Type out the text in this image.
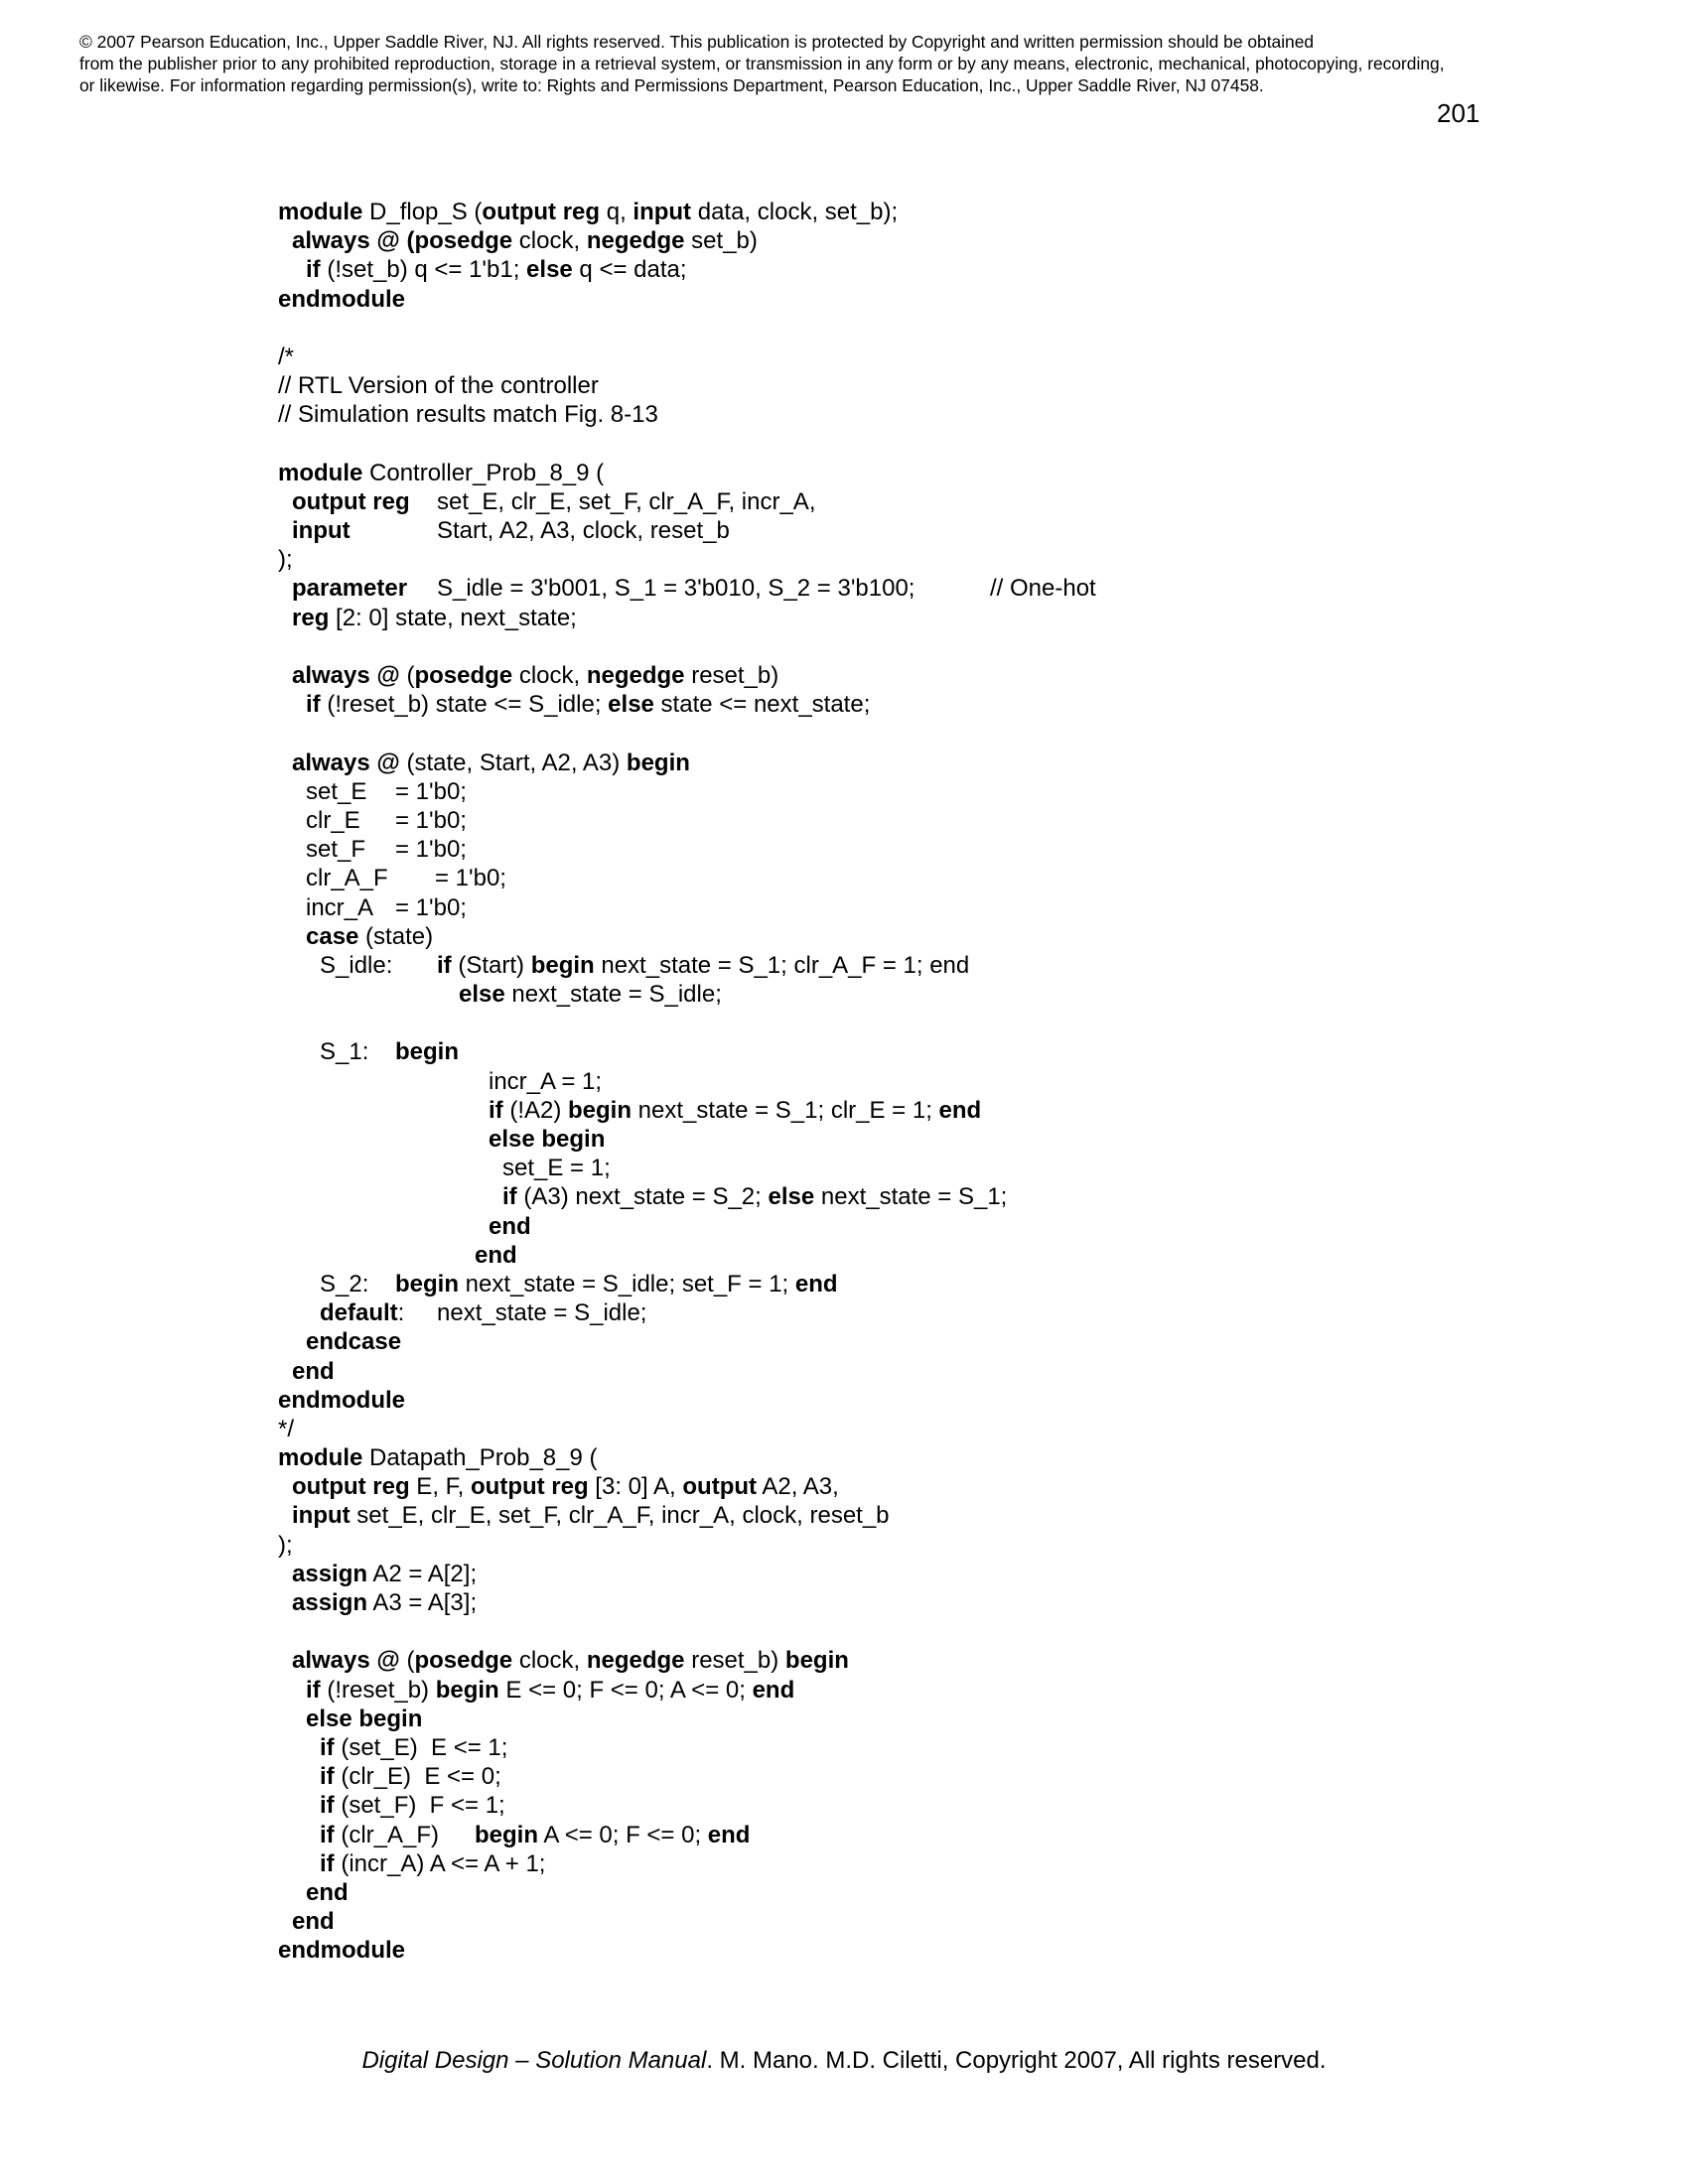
© 2007 Pearson Education, Inc., Upper Saddle River, NJ. All rights reserved. This publication is protected by Copyright and written permission should be obtained
from the publisher prior to any prohibited reproduction, storage in a retrieval system, or transmission in any form or by any means, electronic, mechanical, photocopying, recording,
or likewise. For information regarding permission(s), write to: Rights and Permissions Department, Pearson Education, Inc., Upper Saddle River, NJ 07458.
201
module D_flop_S (output reg q, input data, clock, set_b);
always @ (posedge clock, negedge set_b)
if (!set_b) q <= 1'b1; else q <= data;
endmodule
/*
// RTL Version of the controller
// Simulation results match Fig. 8-13
module Controller_Prob_8_9 (
output reg set_E, clr_E, set_F, clr_A_F, incr_A,
input	Start, A2, A3, clock, reset_b
);
parameter S_idle = 3'b001, S_1 = 3'b010, S_2 = 3'b100;	// One-hot
reg [2: 0] state, next_state;
always @ (posedge clock, negedge reset_b)
if (!reset_b) state <= S_idle; else state <= next_state;
always @ (state, Start, A2, A3) begin
set_E = 1'b0;
clr_E = 1'b0;
set_F = 1'b0;
clr_A_F = 1'b0;
incr_A = 1'b0;
case (state)
S_idle: if (Start) begin next_state = S_1; clr_A_F = 1; end
else next_state = S_idle;
S_1: begin
incr_A = 1;
if (!A2) begin next_state = S_1; clr_E = 1; end
else begin
set_E = 1;
if (A3) next_state = S_2; else next_state = S_1;
end
end
S_2: begin next_state = S_idle; set_F = 1; end
default: next_state = S_idle;
endcase
end
endmodule
*/
module Datapath_Prob_8_9 (
output reg E, F, output reg [3: 0] A, output A2, A3,
input set_E, clr_E, set_F, clr_A_F, incr_A, clock, reset_b
);
assign A2 = A[2];
assign A3 = A[3];
always @ (posedge clock, negedge reset_b) begin
if (!reset_b) begin E <= 0; F <= 0; A <= 0; end
else begin
if (set_E)  E <= 1;
if (clr_E)  E <= 0;
if (set_F)  F <= 1;
if (clr_A_F) begin A <= 0; F <= 0; end
if (incr_A) A <= A + 1;
end
end
endmodule
Digital Design – Solution Manual. M. Mano. M.D. Ciletti, Copyright 2007, All rights reserved.
